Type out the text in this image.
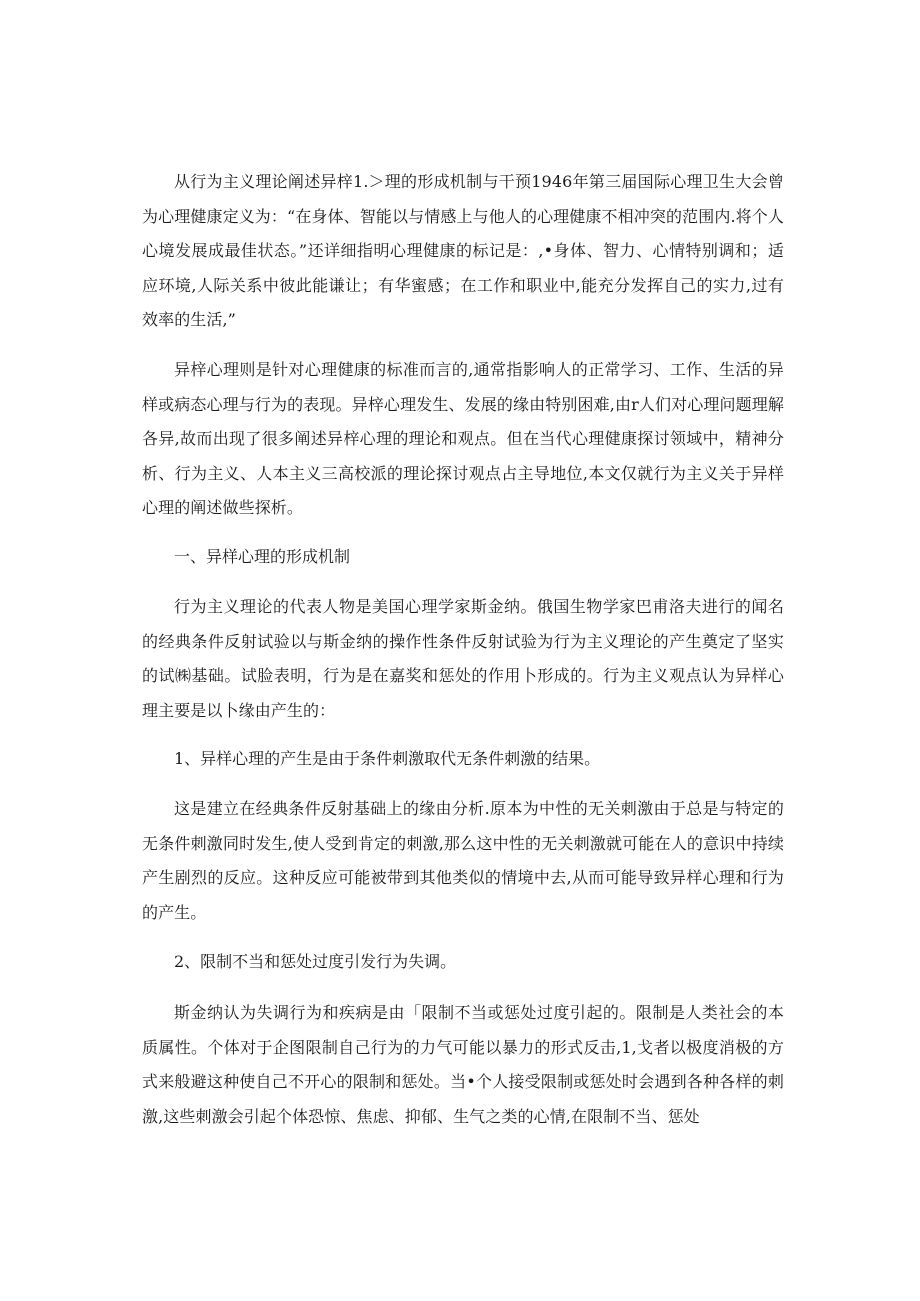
从行为主义理论阐述异梓1.＞理的形成机制与干预1946年第三届国际心理卫生大会曾为心理健康定义为：“在身体、智能以与情感上与他人的心理健康不相冲突的范围内.将个人心境发展成最佳状态。”还详细指明心理健康的标记是：,•身体、智力、心情特别调和；适应环境,人际关系中彼此能谦让；有华蜜感；在工作和职业中,能充分发挥自己的实力,过有效率的生活,”

异梓心理则是针对心理健康的标准而言的,通常指影响人的正常学习、工作、生活的异样或病态心理与行为的表现。异梓心理发生、发展的缘由特别困难,由r人们对心理问题理解各异,故而出现了很多阐述异梓心理的理论和观点。但在当代心理健康探讨领域中，精神分析、行为主义、人本主义三高校派的理论探讨观点占主导地位,本文仅就行为主义关于异样心理的阐述做些探析。

一、异样心理的形成机制

行为主义理论的代表人物是美国心理学家斯金纳。俄国生物学家巴甫洛夫进行的闻名的经典条件反射试验以与斯金纳的操作性条件反射试验为行为主义理论的产生奠定了坚实的试㈱基础。试脸表明，行为是在嘉奖和惩处的作用卜形成的。行为主义观点认为异样心理主要是以卜缘由产生的：

1、异样心理的产生是由于条件刺激取代无条件刺激的结果。

这是建立在经典条件反射基础上的缘由分析.原本为中性的无关刺激由于总是与特定的无条件刺激同时发生,使人受到肯定的刺激,那么这中性的无关刺激就可能在人的意识中持续产生剧烈的反应。这种反应可能被带到其他类似的情境中去,从而可能导致异样心理和行为的产生。

2、限制不当和惩处过度引发行为失调。

斯金纳认为失调行为和疾病是由「限制不当或惩处过度引起的。限制是人类社会的本质属性。个体对于企图限制自己行为的力气可能以暴力的形式反击,1,戈者以极度消极的方式来般避这种使自己不开心的限制和惩处。当•个人接受限制或惩处时会遇到各种各样的刺激,这些刺激会引起个体恐惊、焦虑、抑郁、生气之类的心情,在限制不当、惩处
